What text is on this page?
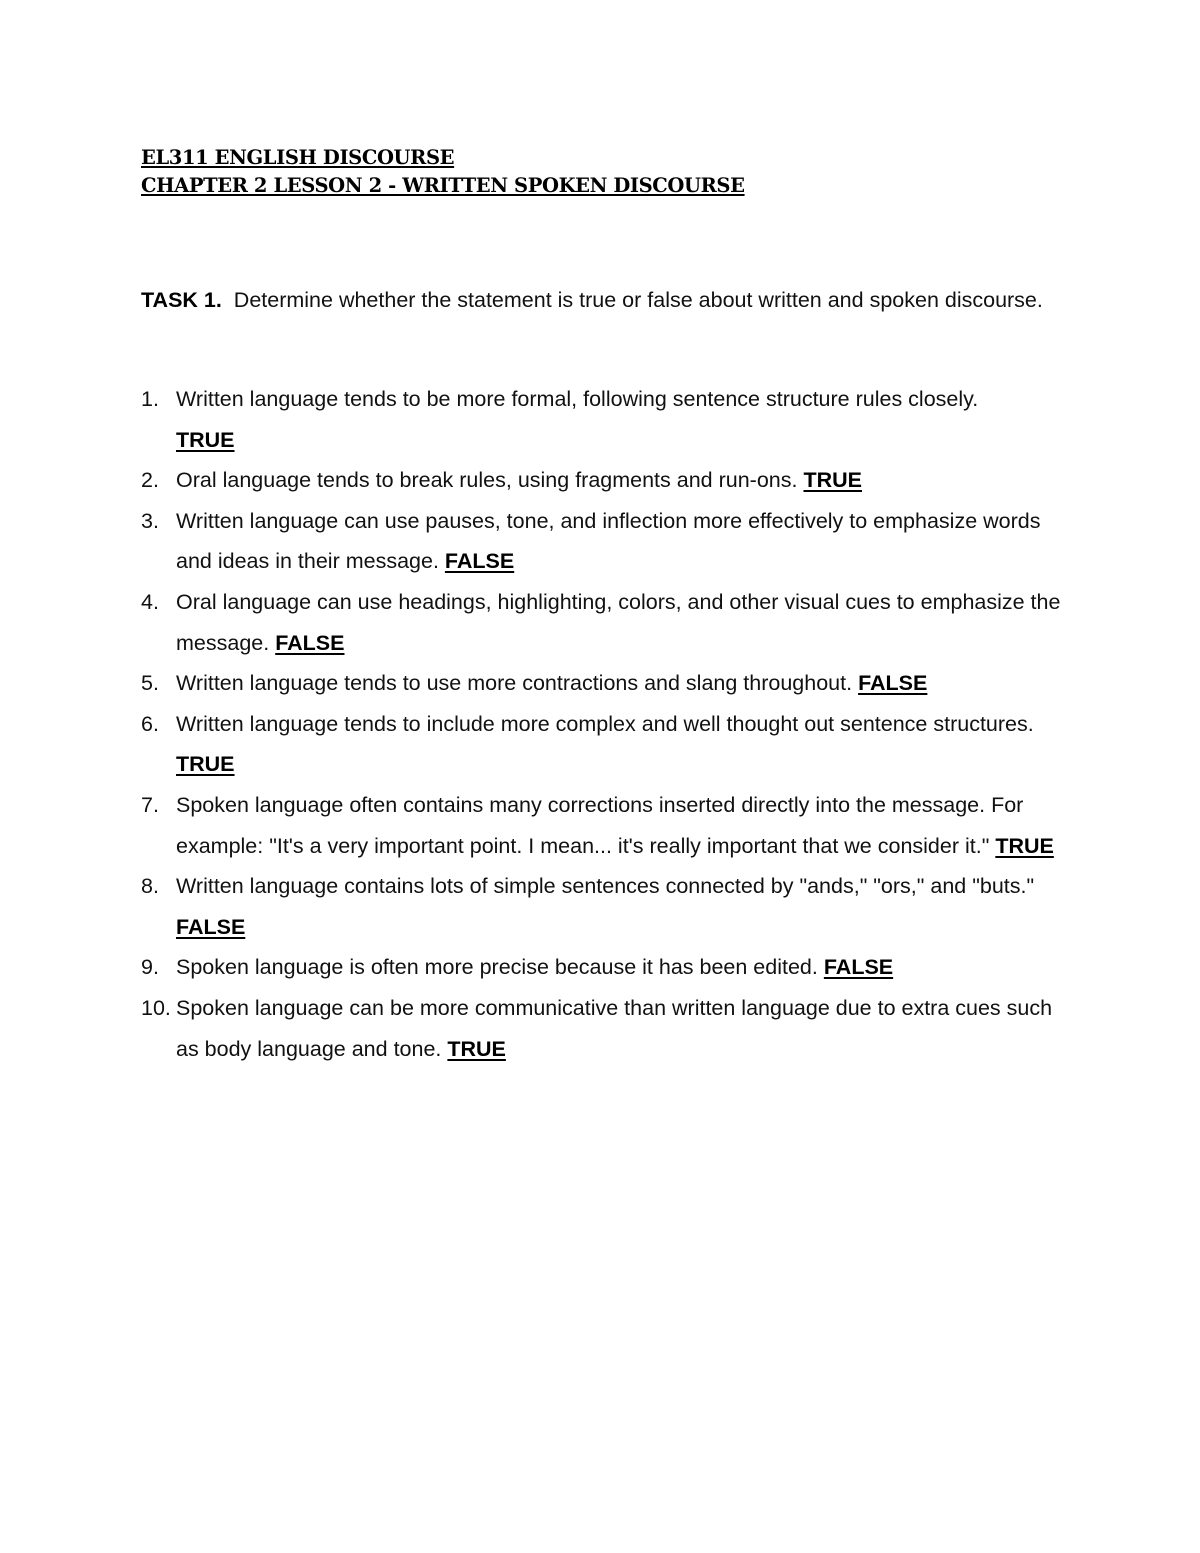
EL311 ENGLISH DISCOURSE
CHAPTER 2 LESSON 2 - WRITTEN SPOKEN DISCOURSE
TASK 1. Determine whether the statement is true or false about written and spoken discourse.
1. Written language tends to be more formal, following sentence structure rules closely.
TRUE
2. Oral language tends to break rules, using fragments and run-ons. TRUE
3. Written language can use pauses, tone, and inflection more effectively to emphasize words and ideas in their message. FALSE
4. Oral language can use headings, highlighting, colors, and other visual cues to emphasize the message. FALSE
5. Written language tends to use more contractions and slang throughout. FALSE
6. Written language tends to include more complex and well thought out sentence structures. TRUE
7. Spoken language often contains many corrections inserted directly into the message. For example: "It's a very important point. I mean... it's really important that we consider it." TRUE
8. Written language contains lots of simple sentences connected by "ands," "ors," and "buts." FALSE
9. Spoken language is often more precise because it has been edited. FALSE
10. Spoken language can be more communicative than written language due to extra cues such as body language and tone. TRUE
